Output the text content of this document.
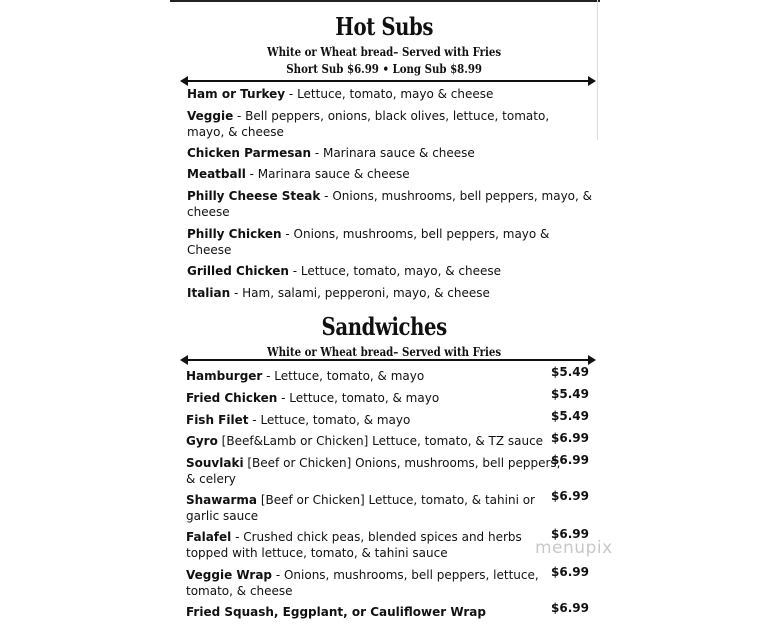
Hot Subs
White or Wheat bread– Served with Fries
Short Sub $6.99 • Long Sub $8.99
Ham or Turkey - Lettuce, tomato, mayo & cheese
Veggie - Bell peppers, onions, black olives, lettuce, tomato,
mayo, & cheese
Chicken Parmesan - Marinara sauce & cheese
Meatball - Marinara sauce & cheese
Philly Cheese Steak - Onions, mushrooms, bell peppers, mayo, &
cheese
Philly Chicken - Onions, mushrooms, bell peppers, mayo &
Cheese
Grilled Chicken - Lettuce, tomato, mayo, & cheese
Italian - Ham, salami, pepperoni, mayo, & cheese
Sandwiches
White or Wheat bread– Served with Fries
Hamburger - Lettuce, tomato, & mayo	$5.49
Fried Chicken - Lettuce, tomato, & mayo	$5.49
Fish Filet - Lettuce, tomato, & mayo	$5.49
Gyro [Beef&Lamb or Chicken] Lettuce, tomato, & TZ sauce $6.99
Souvlaki [Beef or Chicken] Onions, mushrooms, bell peppers,
& celery
$6.99
Shawarma [Beef or Chicken] Lettuce, tomato, & tahini or
garlic sauce
$6.99
Falafel - Crushed chick peas, blended spices and herbs
topped with lettuce, tomato, & tahini sauce
$6.99
Veggie Wrap - Onions, mushrooms, bell peppers, lettuce,
tomato, & cheese
$6.99
Fried Squash, Eggplant, or Cauliflower Wrap	$6.99
menupix
